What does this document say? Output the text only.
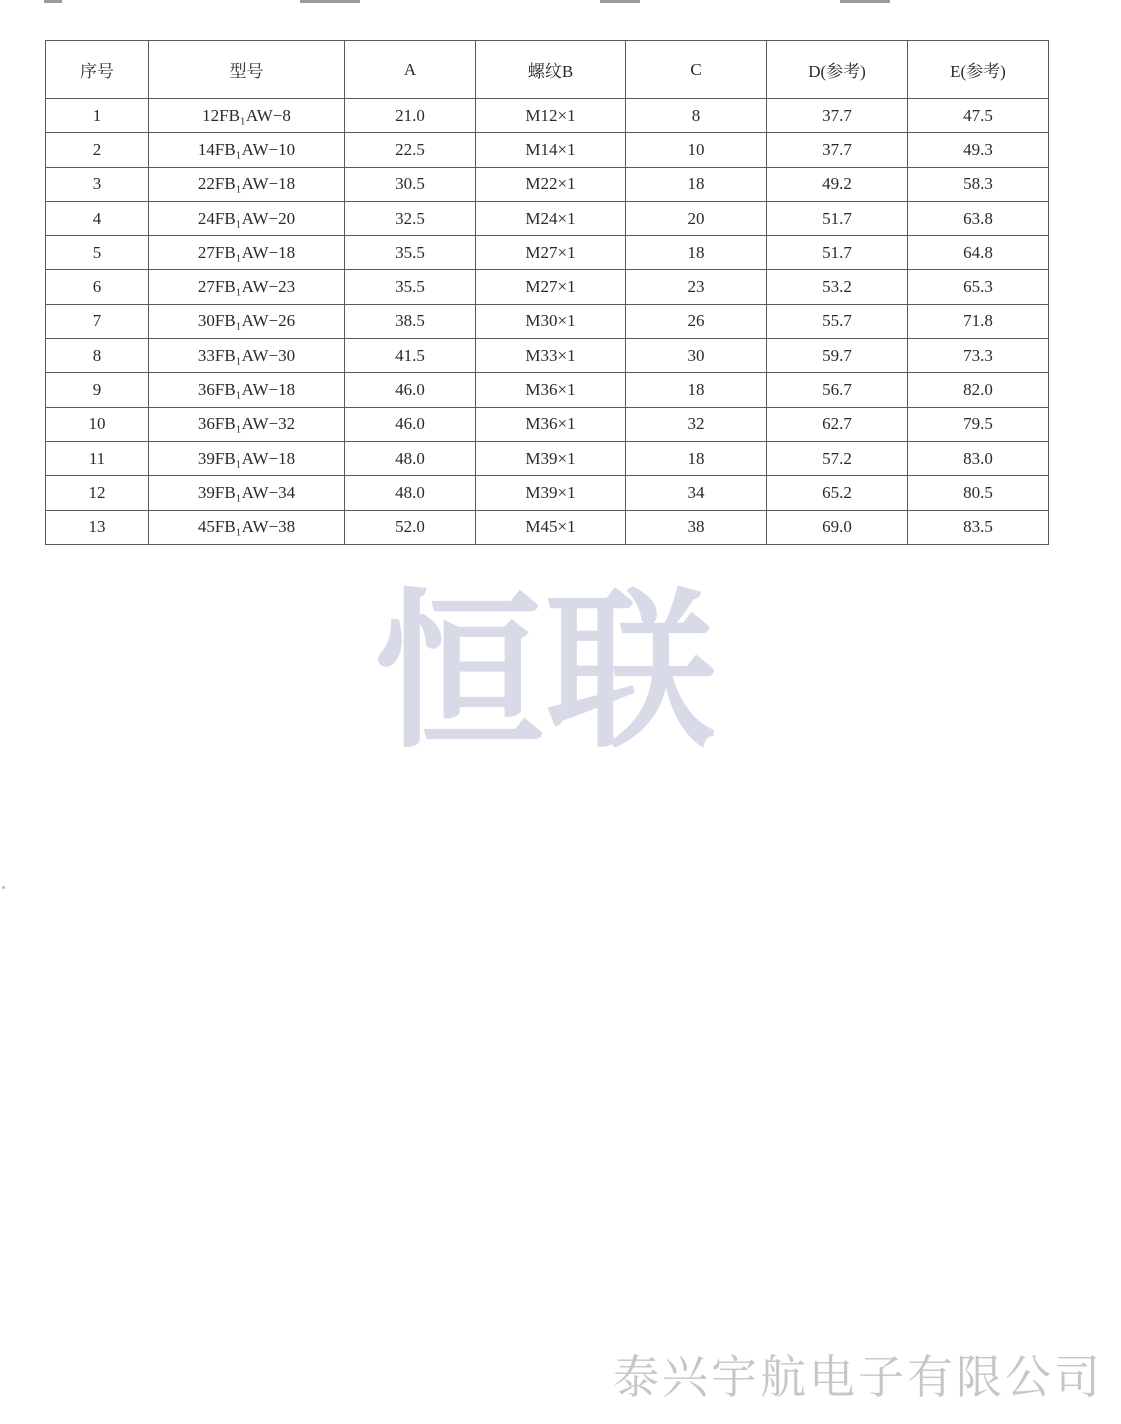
序号	型号	A	螺纹B	C	D(参考)	E(参考)
1	12FB₁AW−8	21.0	M12×1	8	37.7	47.5
2	14FB₁AW−10	22.5	M14×1	10	37.7	49.3
3	22FB₁AW−18	30.5	M22×1	18	49.2	58.3
4	24FB₁AW−20	32.5	M24×1	20	51.7	63.8
5	27FB₁AW−18	35.5	M27×1	18	51.7	64.8
6	27FB₁AW−23	35.5	M27×1	23	53.2	65.3
7	30FB₁AW−26	38.5	M30×1	26	55.7	71.8
8	33FB₁AW−30	41.5	M33×1	30	59.7	73.3
9	36FB₁AW−18	46.0	M36×1	18	56.7	82.0
10	36FB₁AW−32	46.0	M36×1	32	62.7	79.5
11	39FB₁AW−18	48.0	M39×1	18	57.2	83.0
12	39FB₁AW−34	48.0	M39×1	34	65.2	80.5
13	45FB₁AW−38	52.0	M45×1	38	69.0	83.5
恒联
泰兴宇航电子有限公司
